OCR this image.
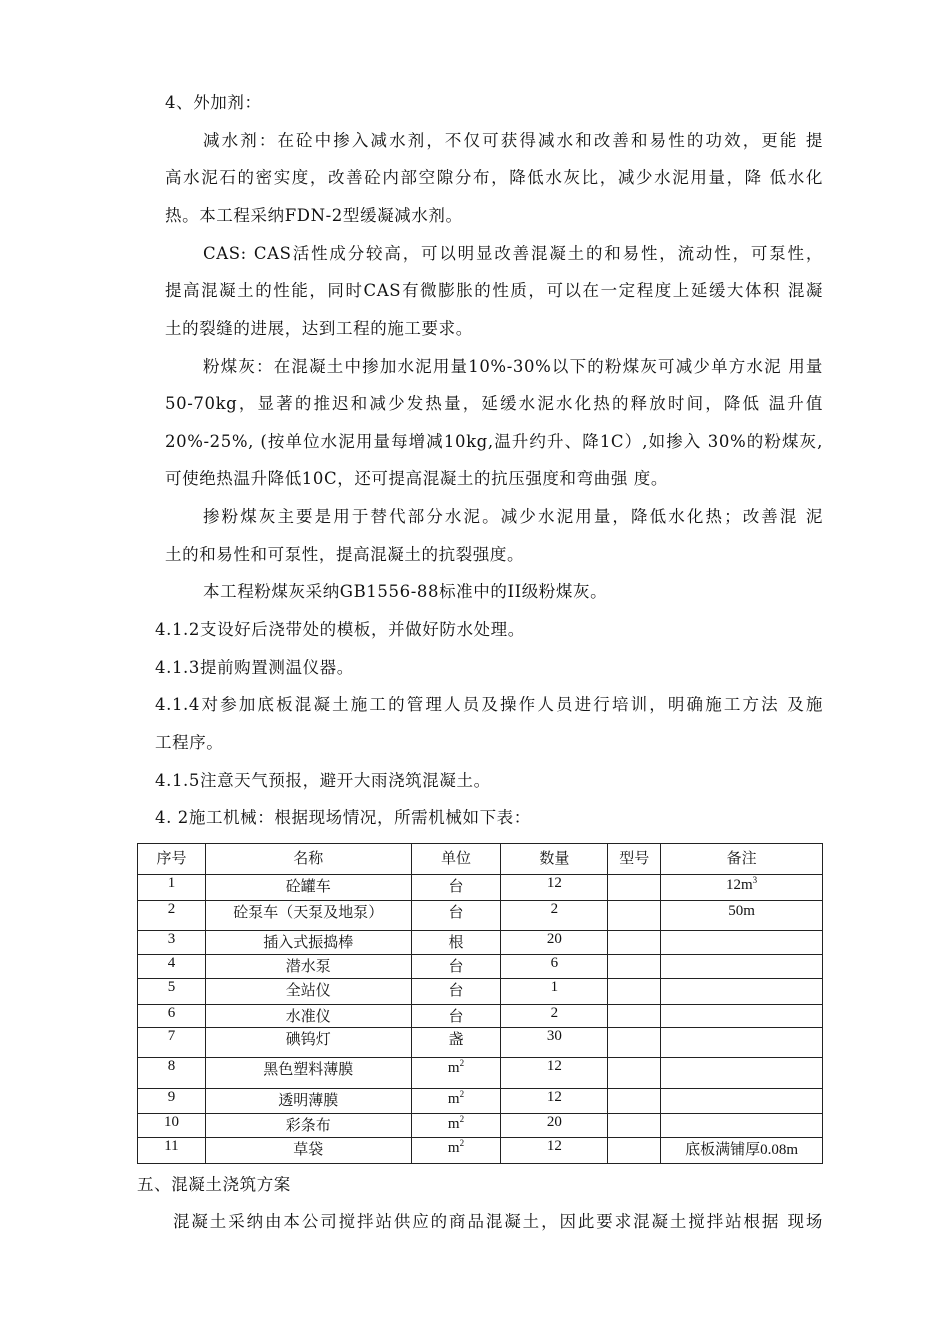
4、外加剂：
减水剂：在砼中掺入减水剂，不仅可获得减水和改善和易性的功效，更能 提
高水泥石的密实度，改善砼内部空隙分布，降低水灰比，减少水泥用量，降 低水化
热。本工程采纳FDN-2型缓凝减水剂。
CAS: CAS活性成分较高，可以明显改善混凝土的和易性，流动性，可泵性，
提高混凝土的性能，同时CAS有微膨胀的性质，可以在一定程度上延缓大体积 混凝
土的裂缝的进展，达到工程的施工要求。
粉煤灰：在混凝土中掺加水泥用量10%-30%以下的粉煤灰可减少单方水泥 用量
50-70kg，显著的推迟和减少发热量，延缓水泥水化热的释放时间，降低 温升值
20%-25%, (按单位水泥用量每增减10kg,温升约升、降1C）,如掺入 30%的粉煤灰,
可使绝热温升降低10C，还可提高混凝土的抗压强度和弯曲强 度。
掺粉煤灰主要是用于替代部分水泥。减少水泥用量，降低水化热；改善混 泥
土的和易性和可泵性，提高混凝土的抗裂强度。
本工程粉煤灰采纳GB1556-88标准中的II级粉煤灰。
4.1.2支设好后浇带处的模板，并做好防水处理。
4.1.3提前购置测温仪器。
4.1.4对参加底板混凝土施工的管理人员及操作人员进行培训，明确施工方法 及施
工程序。
4.1.5注意天气预报，避开大雨浇筑混凝土。
4. 2施工机械：根据现场情况，所需机械如下表：
序号	名称	单位	数量	型号	备注
1	砼罐车	台	12		$12m^3$
2	砼泵车（天泵及地泵）	台	2		50m
3	插入式振捣棒	根	20		
4	潜水泵	台	6		
5	全站仪	台	1		
6	水准仪	台	2		
7	碘钨灯	盏	30		
8	黑色塑料薄膜	$m^2$	12		
9	透明薄膜	$m^2$	12		
10	彩条布	$m^2$	20		
11	草袋	$m^2$	12		底板满铺厚0.08m
五、混凝土浇筑方案
混凝土采纳由本公司搅拌站供应的商品混凝土，因此要求混凝土搅拌站根据 现场
